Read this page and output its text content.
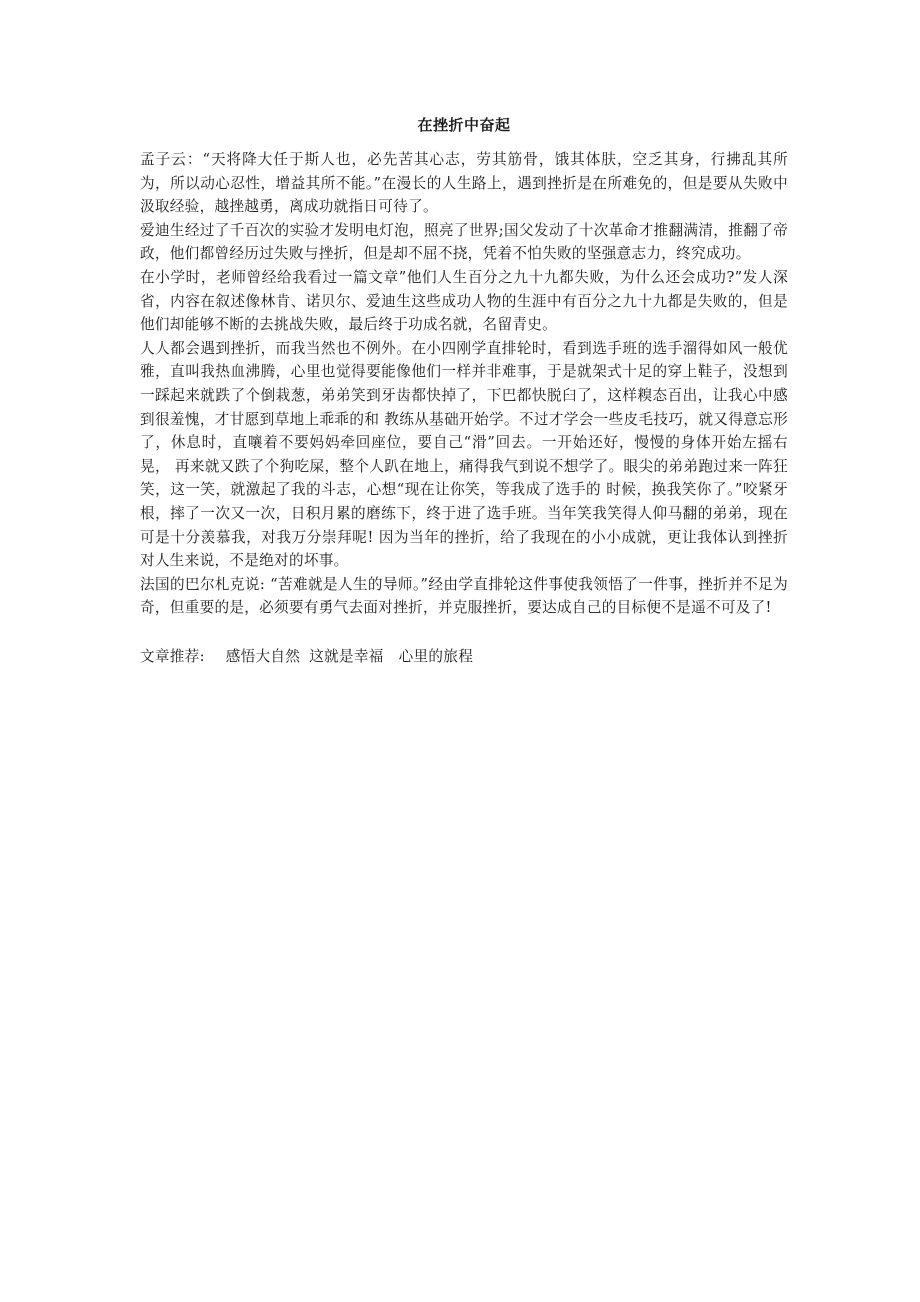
在挫折中奋起

孟子云：“天将降大任于斯人也，必先苦其心志，劳其筋骨，饿其体肤，空乏其身，行拂乱其所为，所以动心忍性，增益其所不能。”在漫长的人生路上，遇到挫折是在所难免的，但是要从失败中汲取经验，越挫越勇，离成功就指日可待了。

爱迪生经过了千百次的实验才发明电灯泡，照亮了世界;国父发动了十次革命才推翻满清，推翻了帝政，他们都曾经历过失败与挫折，但是却不屈不挠，凭着不怕失败的坚强意志力，终究成功。

在小学时，老师曾经给我看过一篇文章”他们人生百分之九十九都失败，为什么还会成功?”发人深省，内容在叙述像林肯、诺贝尔、爱迪生这些成功人物的生涯中有百分之九十九都是失败的，但是他们却能够不断的去挑战失败，最后终于功成名就，名留青史。

人人都会遇到挫折，而我当然也不例外。在小四刚学直排轮时，看到选手班的选手溜得如风一般优雅，直叫我热血沸腾，心里也觉得要能像他们一样并非难事，于是就架式十足的穿上鞋子，没想到一踩起来就跌了个倒栽葱，弟弟笑到牙齿都快掉了，下巴都快脱臼了，这样糗态百出，让我心中感到很羞愧，才甘愿到草地上乖乖的和 教练从基础开始学。不过才学会一些皮毛技巧，就又得意忘形了，休息时，直嚷着不要妈妈牵回座位，要自己“滑”回去。一开始还好，慢慢的身体开始左摇右晃， 再来就又跌了个狗吃屎，整个人趴在地上，痛得我气到说不想学了。眼尖的弟弟跑过来一阵狂笑，这一笑，就激起了我的斗志，心想“现在让你笑，等我成了选手的 时候，换我笑你了。”咬紧牙根，摔了一次又一次，日积月累的磨练下，终于进了选手班。当年笑我笑得人仰马翻的弟弟，现在可是十分羡慕我，对我万分崇拜呢! 因为当年的挫折，给了我现在的小小成就，更让我体认到挫折对人生来说，不是绝对的坏事。

法国的巴尔札克说: “苦难就是人生的导师。”经由学直排轮这件事使我领悟了一件事，挫折并不足为奇，但重要的是，必须要有勇气去面对挫折，并克服挫折，要达成自己的目标便不是遥不可及了!

文章推荐: 感悟大自然 这就是幸福 心里的旅程
